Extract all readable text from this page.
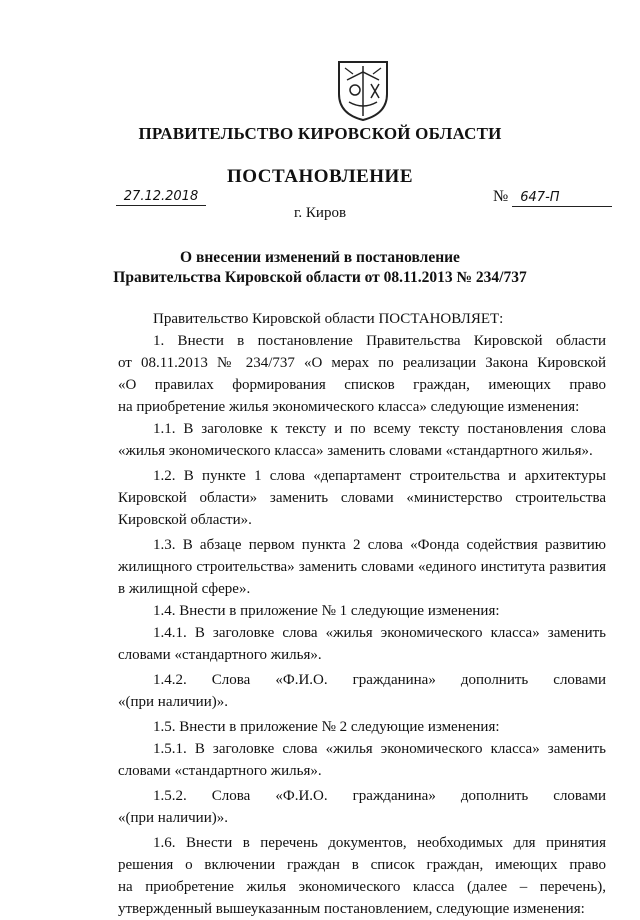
ПРАВИТЕЛЬСТВО КИРОВСКОЙ ОБЛАСТИ
ПОСТАНОВЛЕНИЕ
27.12.2018	№ 647-П
г. Киров
О внесении изменений в постановление
Правительства Кировской области от 08.11.2013 № 234/737
Правительство Кировской области ПОСТАНОВЛЯЕТ:
1. Внести в постановление Правительства Кировской области
от 08.11.2013 № 234/737 «О мерах по реализации Закона Кировской
«О правилах формирования списков граждан, имеющих право
на приобретение жилья экономического класса» следующие изменения:
1.1. В заголовке к тексту и по всему тексту постановления слова
«жилья экономического класса» заменить словами «стандартного жилья».
1.2. В пункте 1 слова «департамент строительства и архитектуры
Кировской области» заменить словами «министерство строительства
Кировской области».
1.3. В абзаце первом пункта 2 слова «Фонда содействия развитию
жилищного строительства» заменить словами «единого института развития
в жилищной сфере».
1.4. Внести в приложение № 1 следующие изменения:
1.4.1. В заголовке слова «жилья экономического класса» заменить
словами «стандартного жилья».
1.4.2. Слова «Ф.И.О. гражданина» дополнить словами
«(при наличии)».
1.5. Внести в приложение № 2 следующие изменения:
1.5.1. В заголовке слова «жилья экономического класса» заменить
словами «стандартного жилья».
1.5.2. Слова «Ф.И.О. гражданина» дополнить словами
«(при наличии)».
1.6. Внести в перечень документов, необходимых для принятия
решения о включении граждан в список граждан, имеющих право
на приобретение жилья экономического класса (далее – перечень),
утвержденный вышеуказанным постановлением, следующие изменения:
